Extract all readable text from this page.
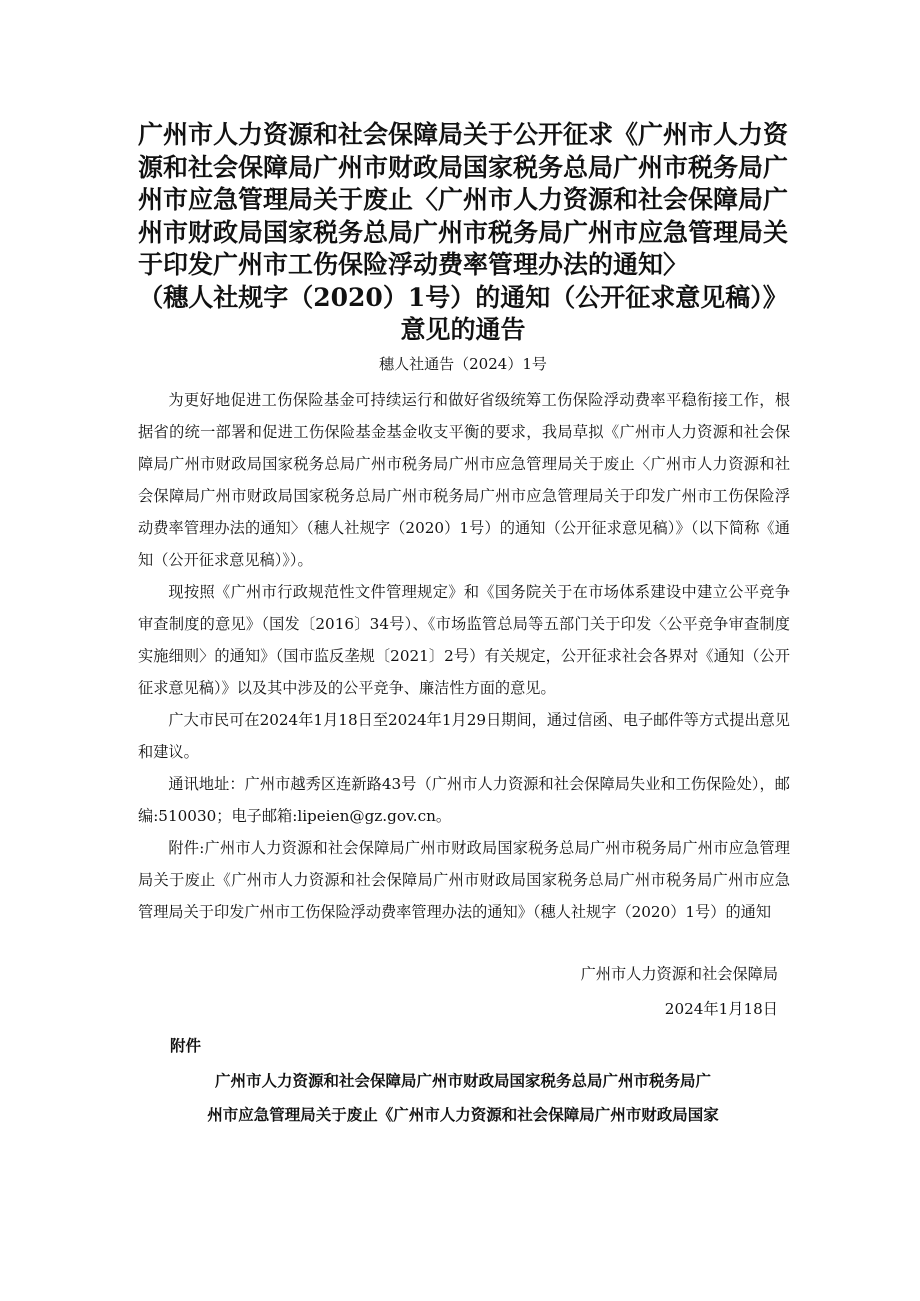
广州市人力资源和社会保障局关于公开征求《广州市人力资
源和社会保障局广州市财政局国家税务总局广州市税务局广
州市应急管理局关于废止〈广州市人力资源和社会保障局广
州市财政局国家税务总局广州市税务局广州市应急管理局关
于印发广州市工伤保险浮动费率管理办法的通知〉
（穗人社规字（2020）1号）的通知（公开征求意见稿）》
意见的通告
穗人社通告（2024）1号

为更好地促进工伤保险基金可持续运行和做好省级统筹工伤保险浮动费率平稳衔接工作，根据省的统一部署和促进工伤保险基金基金收支平衡的要求，我局草拟《广州市人力资源和社会保障局广州市财政局国家税务总局广州市税务局广州市应急管理局关于废止〈广州市人力资源和社会保障局广州市财政局国家税务总局广州市税务局广州市应急管理局关于印发广州市工伤保险浮动费率管理办法的通知〉（穗人社规字（2020）1号）的通知（公开征求意见稿）》（以下简称《通知（公开征求意见稿）》）。

现按照《广州市行政规范性文件管理规定》和《国务院关于在市场体系建设中建立公平竞争审查制度的意见》（国发〔2016〕34号）、《市场监管总局等五部门关于印发〈公平竞争审查制度实施细则〉的通知》（国市监反垄规〔2021〕2号）有关规定，公开征求社会各界对《通知（公开征求意见稿）》以及其中涉及的公平竞争、廉洁性方面的意见。

广大市民可在2024年1月18日至2024年1月29日期间，通过信函、电子邮件等方式提出意见和建议。

通讯地址：广州市越秀区连新路43号（广州市人力资源和社会保障局失业和工伤保险处），邮编:510030；电子邮箱:lipeien@gz.gov.cn。

附件:广州市人力资源和社会保障局广州市财政局国家税务总局广州市税务局广州市应急管理局关于废止《广州市人力资源和社会保障局广州市财政局国家税务总局广州市税务局广州市应急管理局关于印发广州市工伤保险浮动费率管理办法的通知》（穗人社规字（2020）1号）的通知

广州市人力资源和社会保障局
2024年1月18日
附件
广州市人力资源和社会保障局广州市财政局国家税务总局广州市税务局广
州市应急管理局关于废止《广州市人力资源和社会保障局广州市财政局国家
